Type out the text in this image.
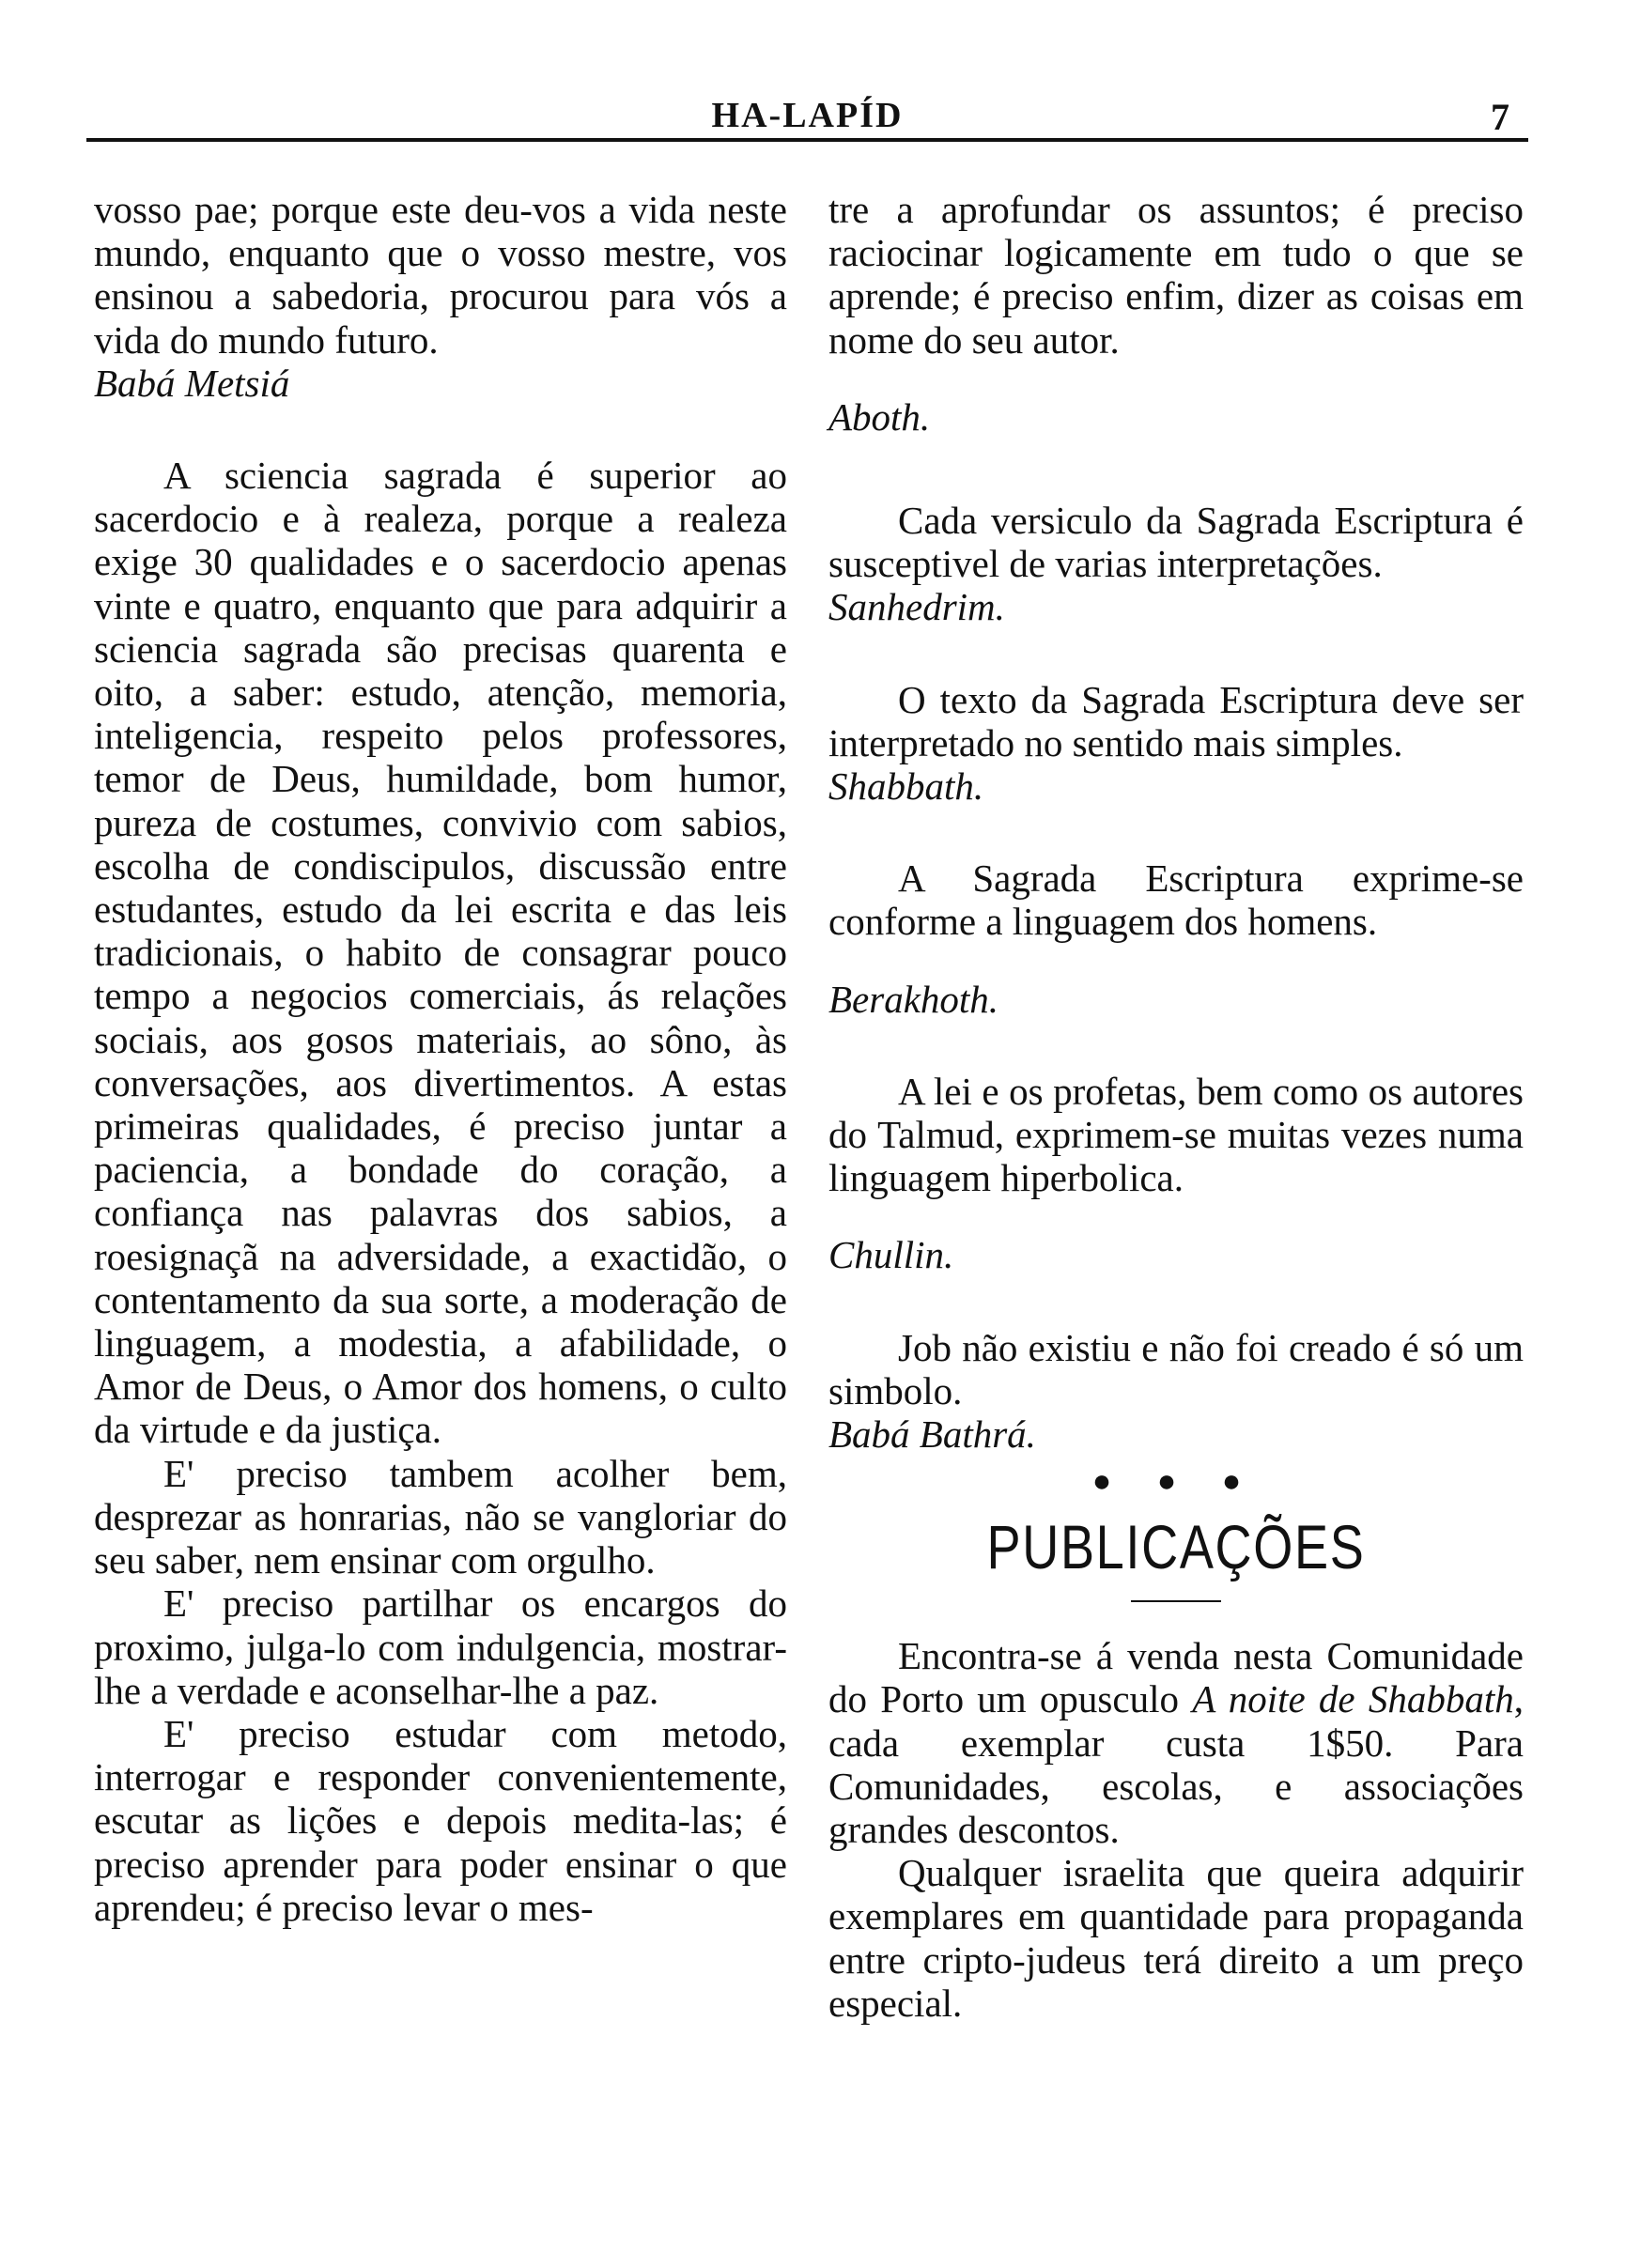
HA-LAPÍD	7

vosso pae; porque este deu-vos a vida neste mundo, enquanto que o vosso mestre, vos ensinou a sabedoria, procurou para vós a vida do mundo futuro.

Babá Metsiá

A sciencia sagrada é superior ao sacerdocio e à realeza, porque a realeza exige 30 qualidades e o sacerdocio apenas vinte e quatro, enquanto que para adquirir a sciencia sagrada são precisas quarenta e oito, a saber: estudo, atenção, memoria, inteligencia, respeito pelos professores, temor de Deus, humildade, bom humor, pureza de costumes, convivio com sabios, escolha de condiscipulos, discussão entre estudantes, estudo da lei escrita e das leis tradicionais, o habito de consagrar pouco tempo a negocios comerciais, ás relações sociais, aos gosos materiais, ao sôno, às conversações, aos divertimentos. A estas primeiras qualidades, é preciso juntar a paciencia, a bondade do coração, a confiança nas palavras dos sabios, a roesignaçã na adversidade, a exactidão, o contentamento da sua sorte, a moderação de linguagem, a modestia, a afabilidade, o Amor de Deus, o Amor dos homens, o culto da virtude e da justiça.

E' preciso tambem acolher bem, desprezar as honrarias, não se vangloriar do seu saber, nem ensinar com orgulho.

E' preciso partilhar os encargos do proximo, julga-lo com indulgencia, mostrar-lhe a verdade e aconselhar-lhe a paz.

E' preciso estudar com metodo, interrogar e responder convenientemente, escutar as lições e depois medita-las; é preciso aprender para poder ensinar o que aprendeu; é preciso levar o mes-

tre a aprofundar os assuntos; é preciso raciocinar logicamente em tudo o que se aprende; é preciso enfim, dizer as coisas em nome do seu autor.

Aboth.

Cada versiculo da Sagrada Escriptura é susceptivel de varias interpretações.

Sanhedrim.

O texto da Sagrada Escriptura deve ser interpretado no sentido mais simples.

Shabbath.

A Sagrada Escriptura exprime-se conforme a linguagem dos homens.

Berakhoth.

A lei e os profetas, bem como os autores do Talmud, exprimem-se muitas vezes numa linguagem hiperbolica.

Chullin.

Job não existiu e não foi creado é só um simbolo.

Babá Bathrá.

● ● ●
PUBLICAÇÕES

Encontra-se á venda nesta Comunidade do Porto um opusculo A noite de Shabbath, cada exemplar custa 1$50. Para Comunidades, escolas, e associações grandes descontos.

Qualquer israelita que queira adquirir exemplares em quantidade para propaganda entre cripto-judeus terá direito a um preço especial.
